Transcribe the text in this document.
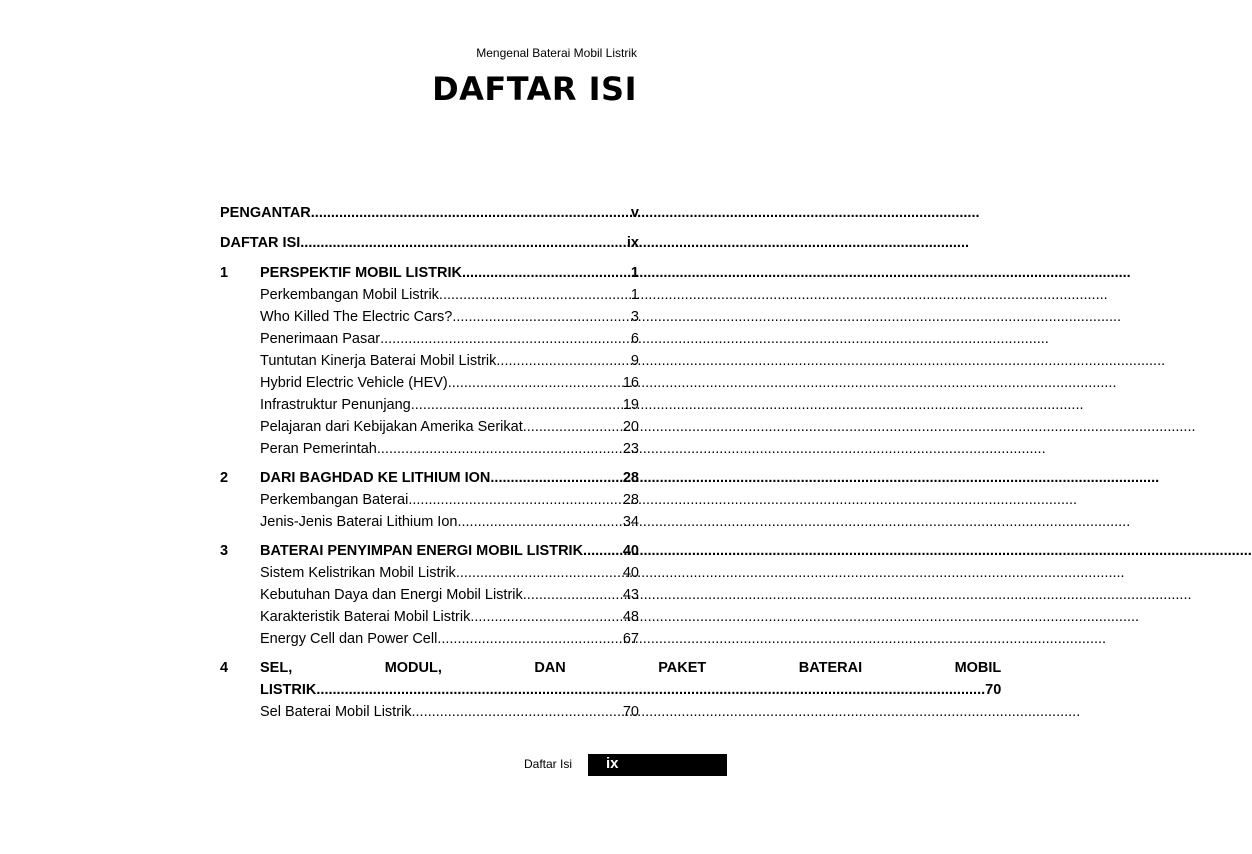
Mengenal Baterai Mobil Listrik
DAFTAR ISI
PENGANTAR .....	v
DAFTAR ISI .....	ix
1	PERSPEKTIF MOBIL LISTRIK .....	1
Perkembangan Mobil Listrik .....	1
Who Killed The Electric Cars? .....	3
Penerimaan Pasar .....	6
Tuntutan Kinerja Baterai Mobil Listrik .....	9
Hybrid Electric Vehicle (HEV) .....	16
Infrastruktur Penunjang. .....	19
Pelajaran dari Kebijakan Amerika Serikat. .....	20
Peran Pemerintah .....	23
2	DARI BAGHDAD KE LITHIUM ION .....	28
Perkembangan Baterai .....	28
Jenis-Jenis Baterai Lithium Ion. .....	34
3	BATERAI PENYIMPAN ENERGI MOBIL LISTRIK .....	40
Sistem Kelistrikan Mobil Listrik .....	40
Kebutuhan Daya dan Energi Mobil Listrik .....	43
Karakteristik Baterai Mobil Listrik .....	48
Energy Cell dan Power Cell .....	67
4	SEL,	MODUL,	DAN	PAKET	BATERAI	MOBIL
LISTRIK .....	70
Sel Baterai Mobil Listrik .....	70
Daftar Isi ix
